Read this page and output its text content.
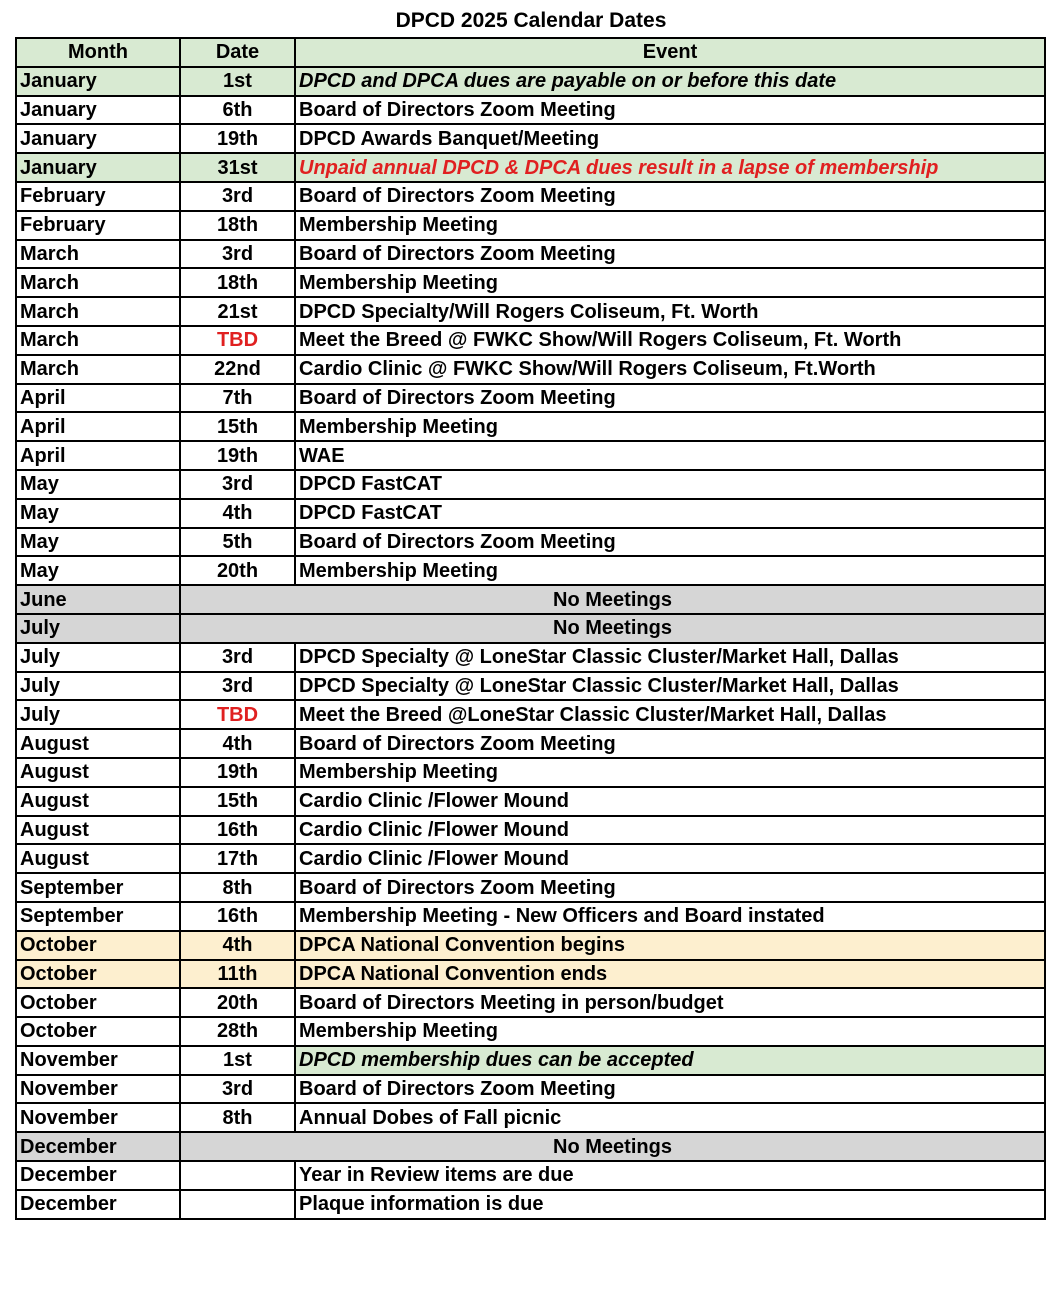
DPCD 2025 Calendar Dates
Month	Date	Event
January	1st	DPCD and DPCA dues are payable on or before this date
January	6th	Board of Directors Zoom Meeting
January	19th	DPCD Awards Banquet/Meeting
January	31st	Unpaid annual DPCD & DPCA dues result in a lapse of membership
February	3rd	Board of Directors Zoom Meeting
February	18th	Membership Meeting
March	3rd	Board of Directors Zoom Meeting
March	18th	Membership Meeting
March	21st	DPCD Specialty/Will Rogers Coliseum, Ft. Worth
March	TBD	Meet the Breed @ FWKC Show/Will Rogers Coliseum, Ft. Worth
March	22nd	Cardio Clinic @ FWKC Show/Will Rogers Coliseum, Ft.Worth
April	7th	Board of Directors Zoom Meeting
April	15th	Membership Meeting
April	19th	WAE
May	3rd	DPCD FastCAT
May	4th	DPCD FastCAT
May	5th	Board of Directors Zoom Meeting
May	20th	Membership Meeting
June	No Meetings	
July	No Meetings	
July	3rd	DPCD Specialty @ LoneStar Classic Cluster/Market Hall, Dallas
July	3rd	DPCD Specialty @ LoneStar Classic Cluster/Market Hall, Dallas
July	TBD	Meet the Breed @LoneStar Classic Cluster/Market Hall, Dallas
August	4th	Board of Directors Zoom Meeting
August	19th	Membership Meeting
August	15th	Cardio Clinic /Flower Mound
August	16th	Cardio Clinic /Flower Mound
August	17th	Cardio Clinic /Flower Mound
September	8th	Board of Directors Zoom Meeting
September	16th	Membership Meeting - New Officers and Board instated
October	4th	DPCA National Convention begins
October	11th	DPCA National Convention ends
October	20th	Board of Directors Meeting in person/budget
October	28th	Membership Meeting
November	1st	DPCD membership dues can be accepted
November	3rd	Board of Directors Zoom Meeting
November	8th	Annual Dobes of Fall picnic
December	No Meetings	
December		Year in Review items are due
December		Plaque information is due
